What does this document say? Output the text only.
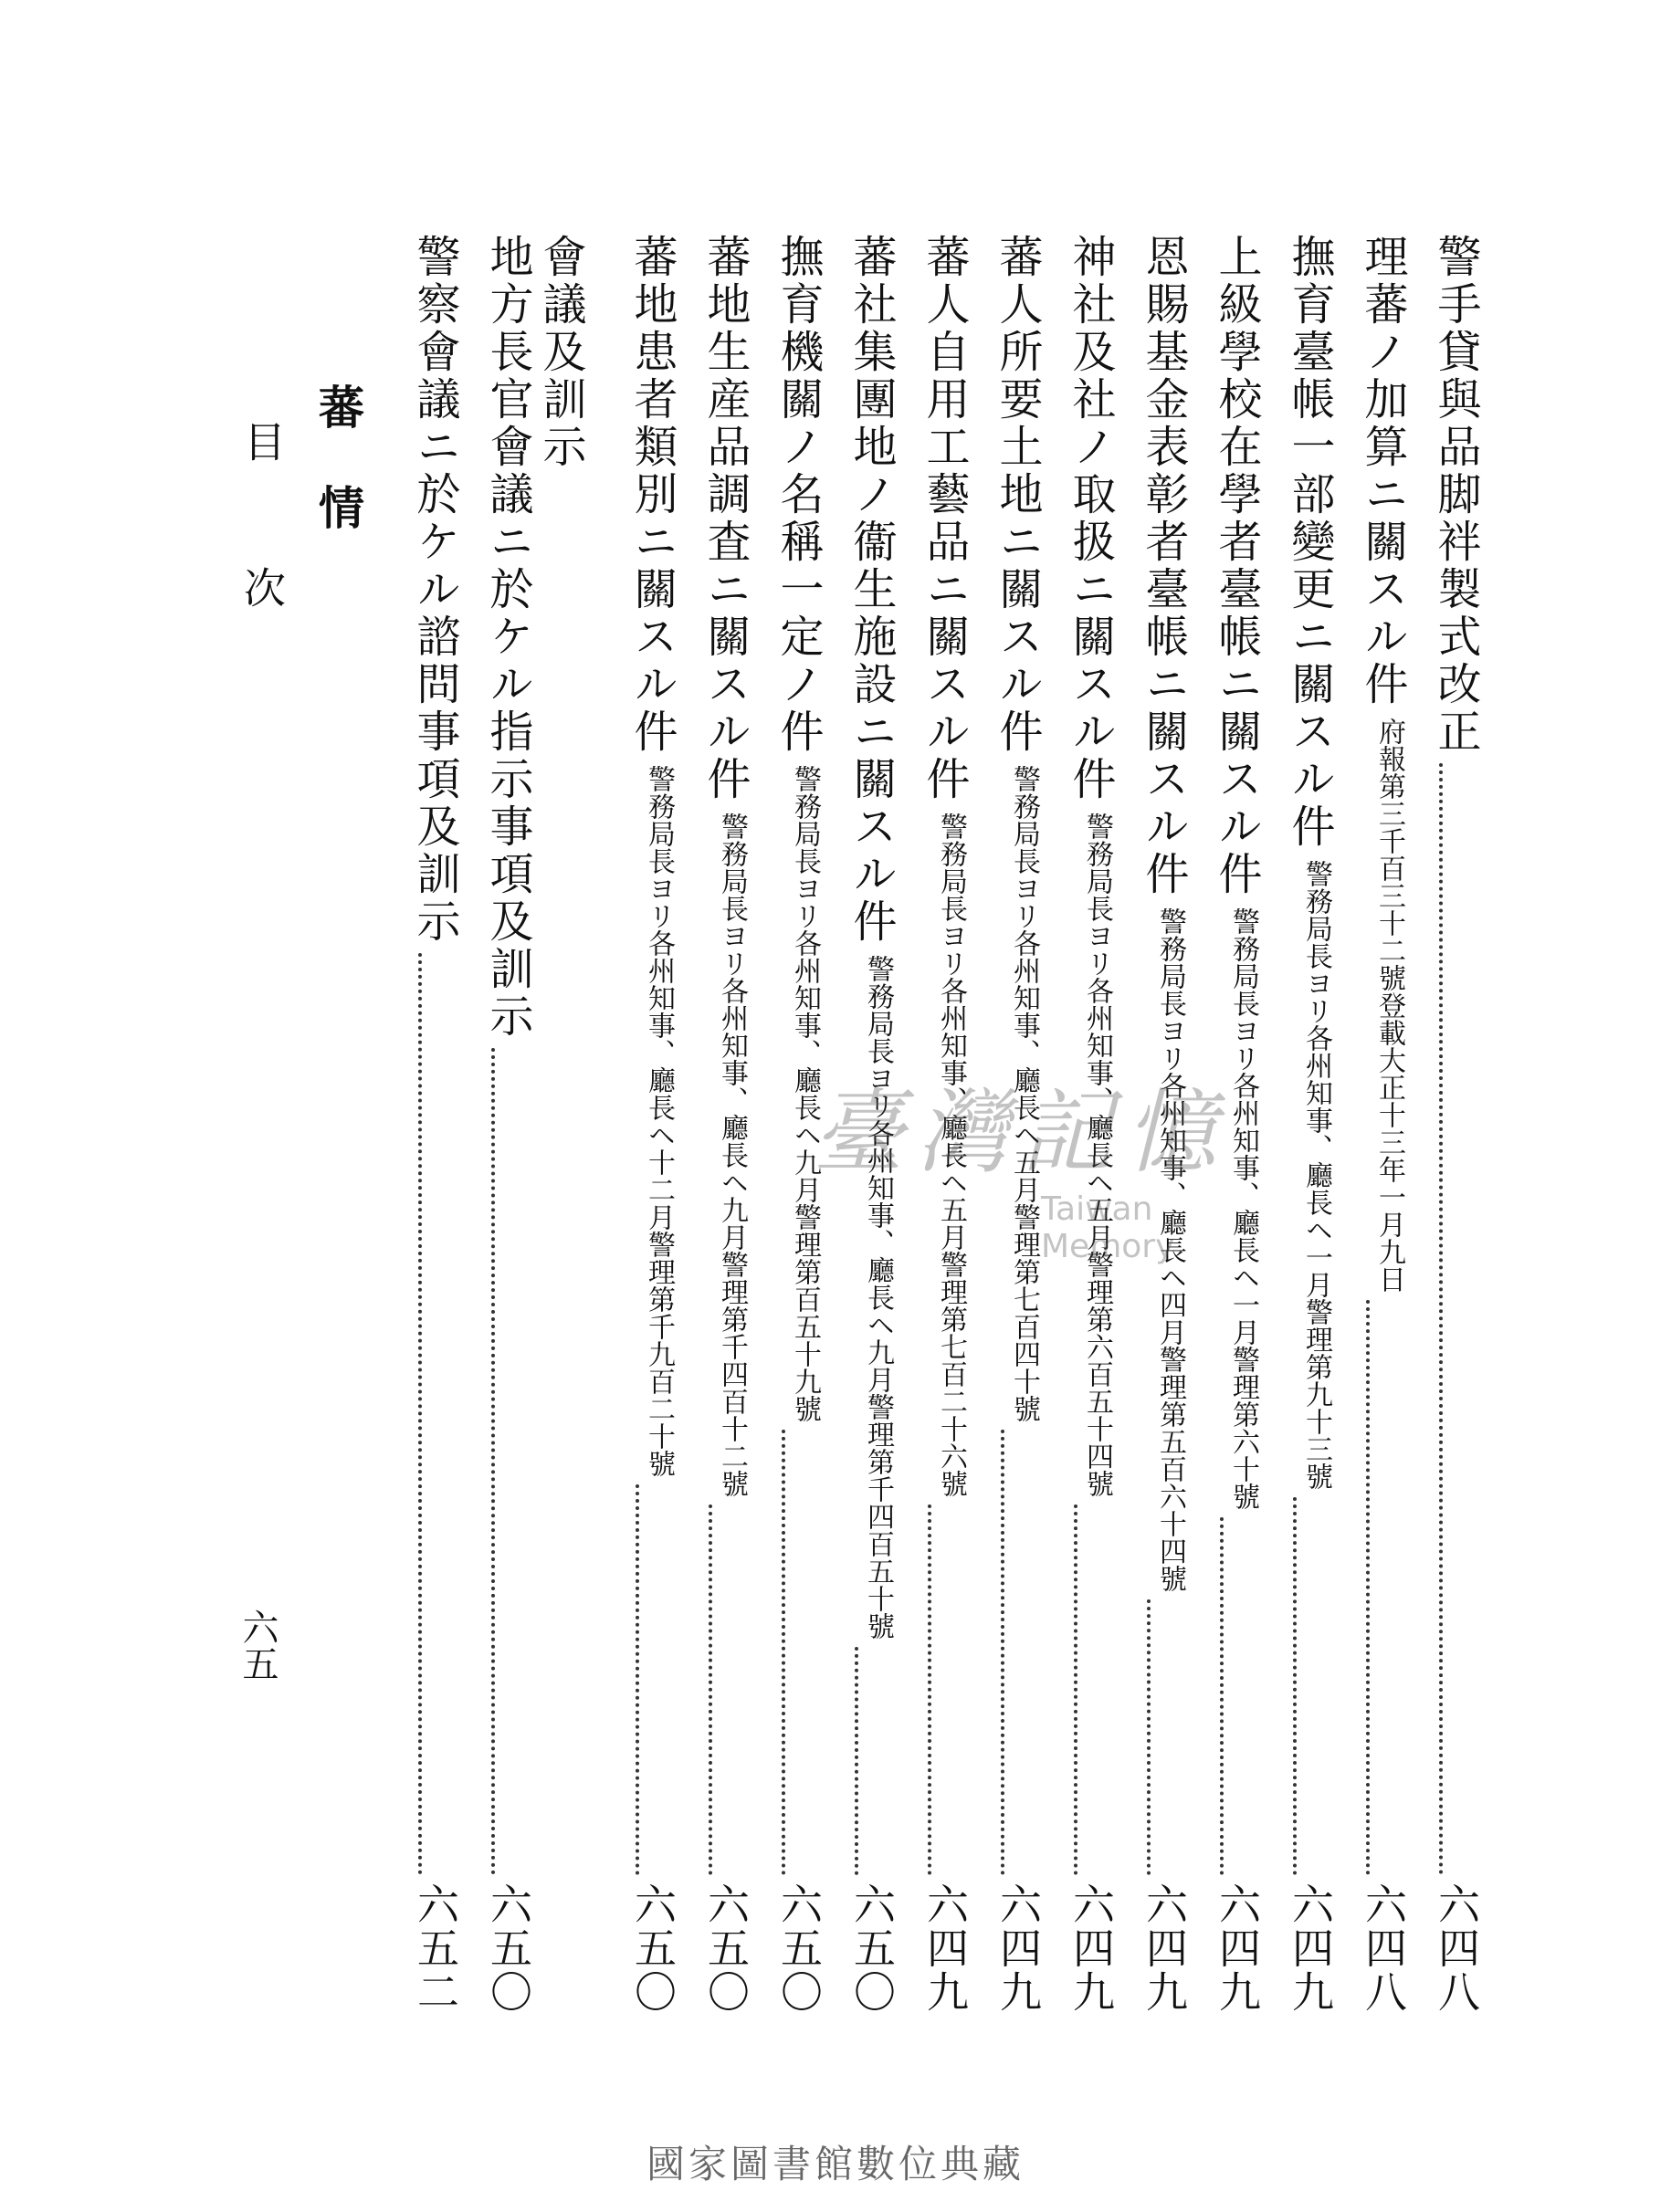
警手貸與品脚袢製式改正
六四八
理蕃ノ加算ニ關スル件
大正十三年一月九日
府報第三千百三十二號登載
六四八
撫育臺帳一部變更ニ關スル件
一月警理第九十三號
警務局長ヨリ各州知事、廳長ヘ
六四九
上級學校在學者臺帳ニ關スル件
一月警理第六十號
警務局長ヨリ各州知事、廳長ヘ
六四九
恩賜基金表彰者臺帳ニ關スル件
四月警理第五百六十四號
警務局長ヨリ各州知事、廳長ヘ
六四九
神社及社ノ取扱ニ關スル件
五月警理第六百五十四號
警務局長ヨリ各州知事、廳長ヘ
六四九
蕃人所要土地ニ關スル件
五月警理第七百四十號
警務局長ヨリ各州知事、廳長ヘ
六四九
蕃人自用工藝品ニ關スル件
五月警理第七百二十六號
警務局長ヨリ各州知事、廳長ヘ
六四九
蕃社集團地ノ衞生施設ニ關スル件
九月警理第千四百五十號
警務局長ヨリ各州知事、廳長ヘ
六五〇
撫育機關ノ名稱一定ノ件
九月警理第百五十九號
警務局長ヨリ各州知事、廳長ヘ
六五〇
蕃地生産品調査ニ關スル件
九月警理第千四百十二號
警務局長ヨリ各州知事、廳長ヘ
六五〇
蕃地患者類別ニ關スル件
十二月警理第千九百二十號
警務局長ヨリ各州知事、廳長ヘ
六五〇
會議及訓示
地方長官會議ニ於ケル指示事項及訓示
六五〇
警察會議ニ於ケル諮問事項及訓示
六五二
蕃情
目
次
六五
臺灣記憶
Taiwan Memory
國家圖書館數位典藏
